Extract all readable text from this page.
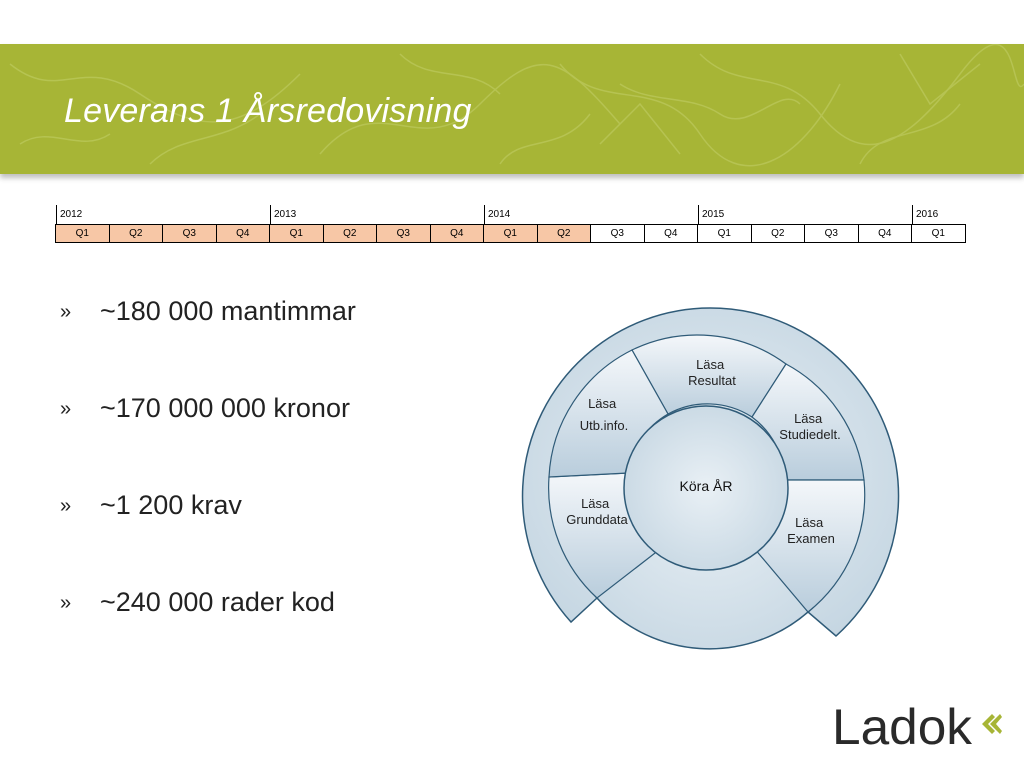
Leverans 1 Årsredovisning
2012	2013	2014	2015	2016
Q1	Q2	Q3	Q4	Q1	Q2	Q3	Q4	Q1	Q2	Q3	Q4	Q1	Q2	Q3	Q4	Q1
» ~180 000 mantimmar
» ~170 000 000 kronor
» ~1 200 krav
» ~240 000 rader kod
Köra ÅR
Läsa Resultat
Läsa Studiedelt.
Läsa Examen
Läsa Grunddata
Läsa Utb.info.
Ladok
